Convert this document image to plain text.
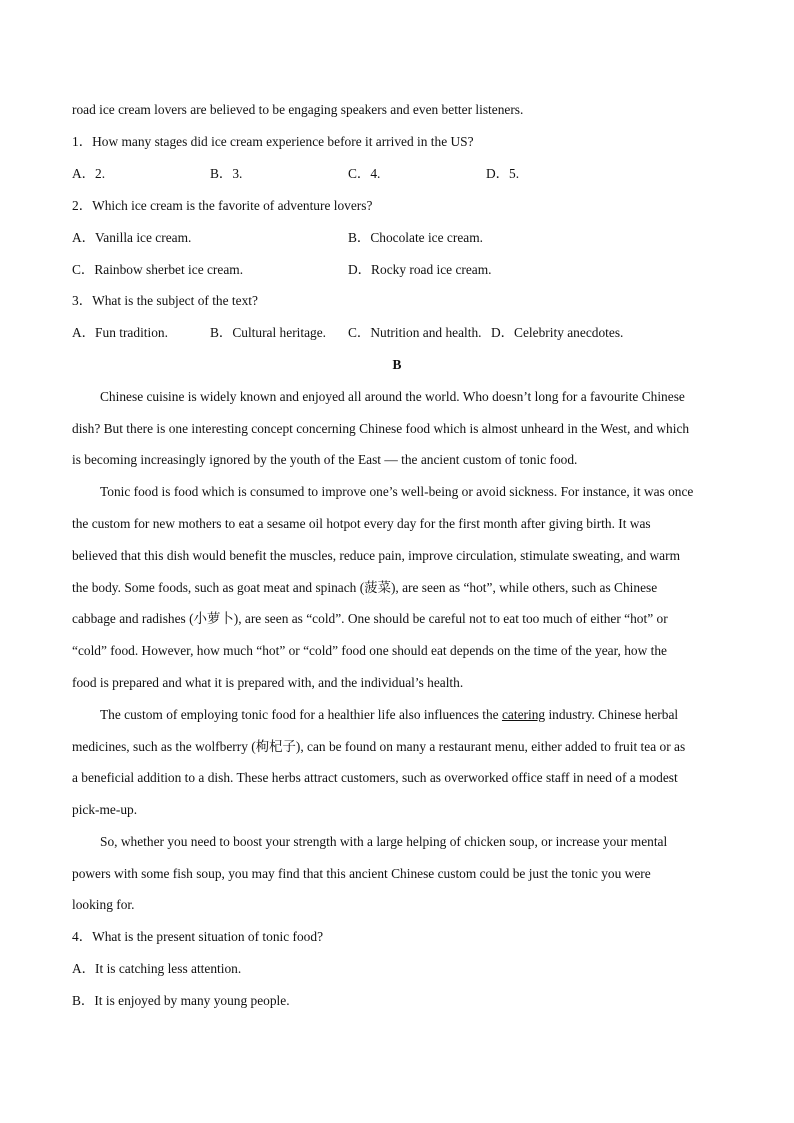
road ice cream lovers are believed to be engaging speakers and even better listeners.
1．How many stages did ice cream experience before it arrived in the US?
A．2.	B．3.	C．4.	D．5.
2．Which ice cream is the favorite of adventure lovers?
A．Vanilla ice cream.	B．Chocolate ice cream.
C．Rainbow sherbet ice cream.	D．Rocky road ice cream.
3．What is the subject of the text?
A．Fun tradition.	B．Cultural heritage. C．Nutrition and health. D．Celebrity anecdotes.
B
Chinese cuisine is widely known and enjoyed all around the world. Who doesn’t long for a favourite Chinese
dish? But there is one interesting concept concerning Chinese food which is almost unheard in the West, and which
is becoming increasingly ignored by the youth of the East — the ancient custom of tonic food.
Tonic food is food which is consumed to improve one’s well-being or avoid sickness. For instance, it was once
the custom for new mothers to eat a sesame oil hotpot every day for the first month after giving birth. It was
believed that this dish would benefit the muscles, reduce pain, improve circulation, stimulate sweating, and warm
the body. Some foods, such as goat meat and spinach (菠菜), are seen as “hot”, while others, such as Chinese
cabbage and radishes (小萝卜), are seen as “cold”. One should be careful not to eat too much of either “hot” or
“cold” food. However, how much “hot” or “cold” food one should eat depends on the time of the year, how the
food is prepared and what it is prepared with, and the individual’s health.
The custom of employing tonic food for a healthier life also influences the catering industry. Chinese herbal
medicines, such as the wolfberry (枸杞子), can be found on many a restaurant menu, either added to fruit tea or as
a beneficial addition to a dish. These herbs attract customers, such as overworked office staff in need of a modest
pick-me-up.
So, whether you need to boost your strength with a large helping of chicken soup, or increase your mental
powers with some fish soup, you may find that this ancient Chinese custom could be just the tonic you were
looking for.
4．What is the present situation of tonic food?
A．It is catching less attention.
B．It is enjoyed by many young people.
